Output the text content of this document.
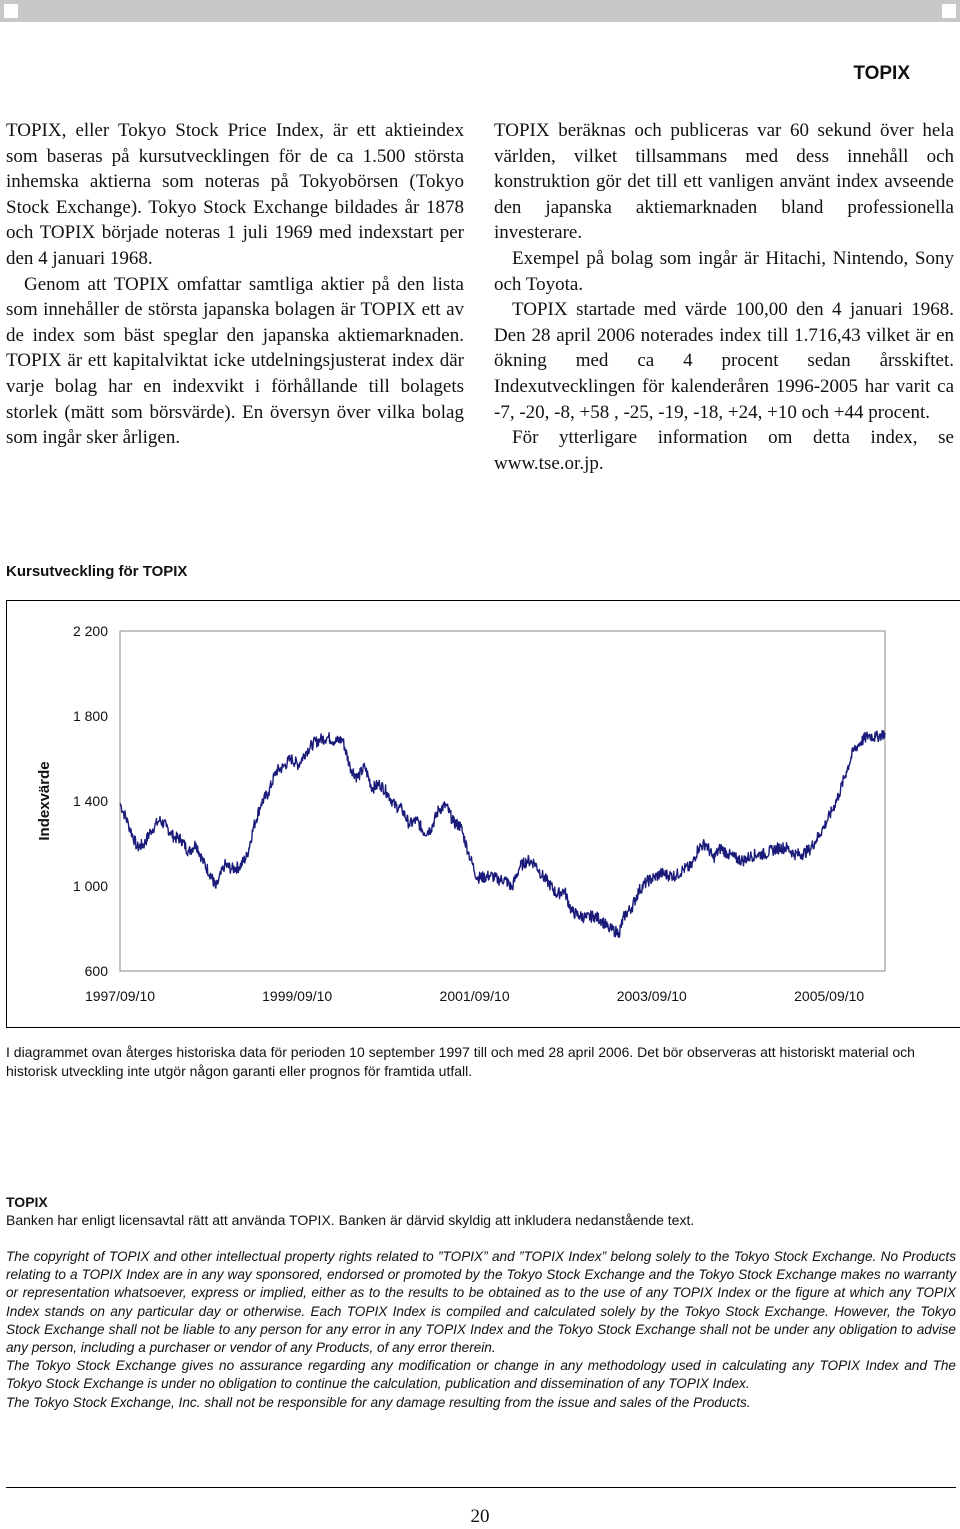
TOPIX

TOPIX, eller Tokyo Stock Price Index, är ett aktieindex som baseras på kursutvecklingen för de ca 1.500 största inhemska aktierna som noteras på Tokyobörsen (Tokyo Stock Exchange). Tokyo Stock Exchange bildades år 1878 och TOPIX började noteras 1 juli 1969 med indexstart per den 4 januari 1968.

Genom att TOPIX omfattar samtliga aktier på den lista som innehåller de största japanska bolagen är TOPIX ett av de index som bäst speglar den japanska aktiemarknaden. TOPIX är ett kapitalviktat icke utdelningsjusterat index där varje bolag har en indexvikt i förhållande till bolagets storlek (mätt som börsvärde). En översyn över vilka bolag som ingår sker årligen.

TOPIX beräknas och publiceras var 60 sekund över hela världen, vilket tillsammans med dess innehåll och konstruktion gör det till ett vanligen använt index avseende den japanska aktiemarknaden bland professionella investerare.

Exempel på bolag som ingår är Hitachi, Nintendo, Sony och Toyota.

TOPIX startade med värde 100,00 den 4 januari 1968. Den 28 april 2006 noterades index till 1.716,43 vilket är en ökning med ca 4 procent sedan årsskiftet. Indexutvecklingen för kalenderåren 1996-2005 har varit ca -7, -20, -8, +58 , -25, -19, -18, +24, +10 och +44 procent.

För ytterligare information om detta index, se www.tse.or.jp.

Kursutveckling för TOPIX
2 200
1 800
1 400
1 000
600
1997/09/10	1999/09/10	2001/09/10	2003/09/10	2005/09/10
Indexvärde
I diagrammet ovan återges historiska data för perioden 10 september 1997 till och med 28 april 2006. Det bör observeras att historiskt material och historisk utveckling inte utgör någon garanti eller prognos för framtida utfall.
TOPIX
Banken har enligt licensavtal rätt att använda TOPIX. Banken är därvid skyldig att inkludera nedanstående text.

The copyright of TOPIX and other intellectual property rights related to ”TOPIX” and ”TOPIX Index” belong solely to the Tokyo Stock Exchange. No Products relating to a TOPIX Index are in any way sponsored, endorsed or promoted by the Tokyo Stock Exchange and the Tokyo Stock Exchange makes no warranty or representation whatsoever, express or implied, either as to the results to be obtained as to the use of any TOPIX Index or the figure at which any TOPIX Index stands on any particular day or otherwise. Each TOPIX Index is compiled and calculated solely by the Tokyo Stock Exchange. However, the Tokyo Stock Exchange shall not be liable to any person for any error in any TOPIX Index and the Tokyo Stock Exchange shall not be under any obligation to advise any person, including a purchaser or vendor of any Products, of any error therein.

The Tokyo Stock Exchange gives no assurance regarding any modification or change in any methodology used in calculating any TOPIX Index and The Tokyo Stock Exchange is under no obligation to continue the calculation, publication and dissemination of any TOPIX Index.

The Tokyo Stock Exchange, Inc. shall not be responsible for any damage resulting from the issue and sales of the Products.

20
